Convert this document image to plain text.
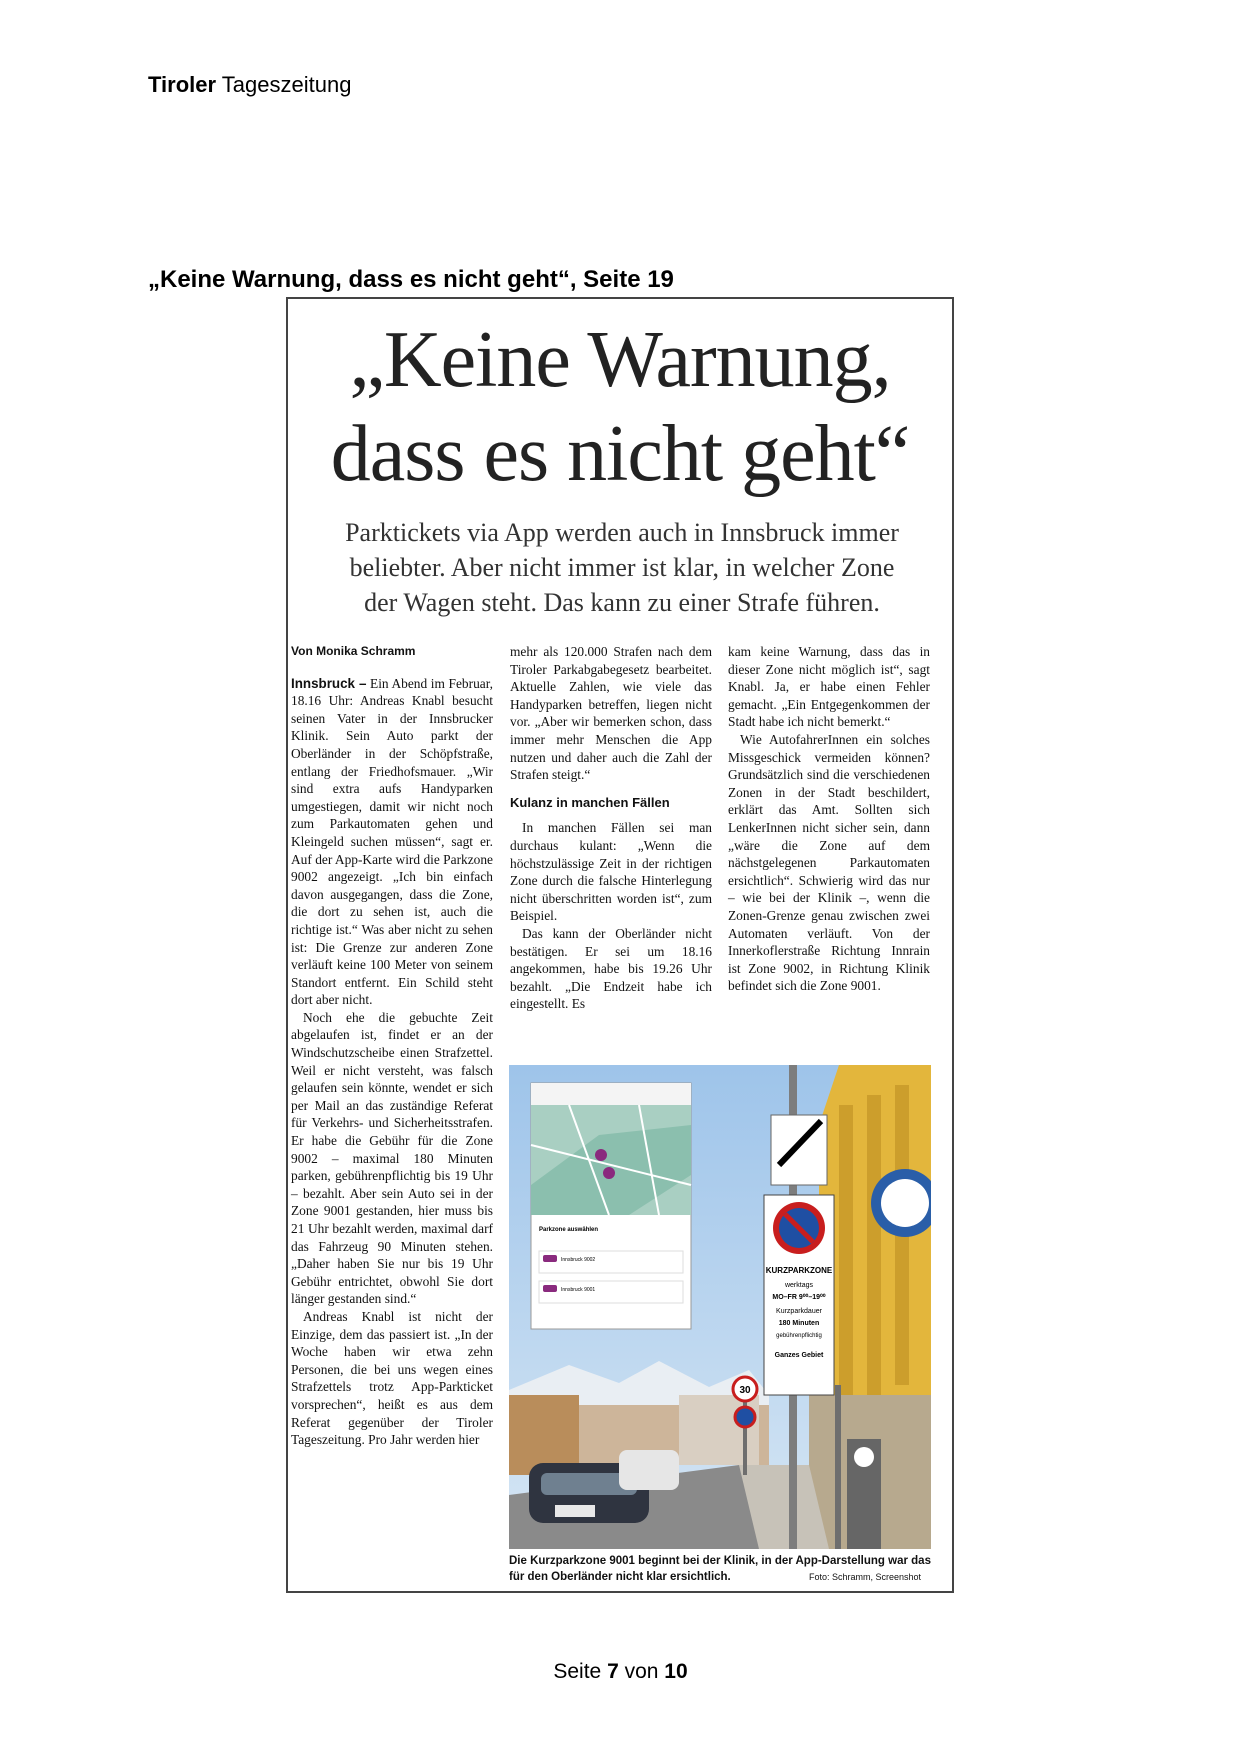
Tiroler Tageszeitung
„Keine Warnung, dass es nicht geht“, Seite 19
„Keine Warnung,
dass es nicht geht“
Parktickets via App werden auch in Innsbruck immer
beliebter. Aber nicht immer ist klar, in welcher Zone
der Wagen steht. Das kann zu einer Strafe führen.

Von Monika Schramm

Innsbruck – Ein Abend im Februar, 18.16 Uhr: Andreas Knabl besucht seinen Vater in der Innsbrucker Klinik. Sein Auto parkt der Oberländer in der Schöpfstraße, entlang der Friedhofsmauer. „Wir sind extra aufs Handyparken umgestiegen, damit wir nicht noch zum Parkautomaten gehen und Kleingeld suchen müssen“, sagt er. Auf der App-Karte wird die Parkzone 9002 angezeigt. „Ich bin einfach davon ausgegangen, dass die Zone, die dort zu sehen ist, auch die richtige ist.“ Was aber nicht zu sehen ist: Die Grenze zur anderen Zone verläuft keine 100 Meter von seinem Standort entfernt. Ein Schild steht dort aber nicht.

Noch ehe die gebuchte Zeit abgelaufen ist, findet er an der Windschutzscheibe einen Strafzettel. Weil er nicht versteht, was falsch gelaufen sein könnte, wendet er sich per Mail an das zuständige Referat für Verkehrs- und Sicherheitsstrafen. Er habe die Gebühr für die Zone 9002 – maximal 180 Minuten parken, gebührenpflichtig bis 19 Uhr – bezahlt. Aber sein Auto sei in der Zone 9001 gestanden, hier muss bis 21 Uhr bezahlt werden, maximal darf das Fahrzeug 90 Minuten stehen. „Daher haben Sie nur bis 19 Uhr Gebühr entrichtet, obwohl Sie dort länger gestanden sind.“

Andreas Knabl ist nicht der Einzige, dem das passiert ist. „In der Woche haben wir etwa zehn Personen, die bei uns wegen eines Strafzettels trotz App-Parkticket vorsprechen“, heißt es aus dem Referat gegenüber der Tiroler Tageszeitung. Pro Jahr werden hier

mehr als 120.000 Strafen nach dem Tiroler Parkabgabegesetz bearbeitet. Aktuelle Zahlen, wie viele das Handyparken betreffen, liegen nicht vor. „Aber wir bemerken schon, dass immer mehr Menschen die App nutzen und daher auch die Zahl der Strafen steigt.“

Kulanz in manchen Fällen

In manchen Fällen sei man durchaus kulant: „Wenn die höchstzulässige Zeit in der richtigen Zone durch die falsche Hinterlegung nicht überschritten worden ist“, zum Beispiel.

Das kann der Oberländer nicht bestätigen. Er sei um 18.16 angekommen, habe bis 19.26 Uhr bezahlt. „Die Endzeit habe ich eingestellt. Es

kam keine Warnung, dass das in dieser Zone nicht möglich ist“, sagt Knabl. Ja, er habe einen Fehler gemacht. „Ein Entgegenkommen der Stadt habe ich nicht bemerkt.“

Wie AutofahrerInnen ein solches Missgeschick vermeiden können? Grundsätzlich sind die verschiedenen Zonen in der Stadt beschildert, erklärt das Amt. Sollten sich LenkerInnen nicht sicher sein, dann „wäre die Zone auf dem nächstgelegenen Parkautomaten ersichtlich“. Schwierig wird das nur – wie bei der Klinik –, wenn die Zonen-Grenze genau zwischen zwei Automaten verläuft. Von der Innerkoflerstraße Richtung Innrain ist Zone 9002, in Richtung Klinik befindet sich die Zone 9001.

KURZPARKZONE
werktags
MO–FR 9⁰⁰–19⁰⁰
Kurzparkdauer
180 Minuten
gebührenpflichtig
Ganzes Gebiet
30
Parkzone auswählen
Innsbruck 9002
Innsbruck 9001
Die Kurzparkzone 9001 beginnt bei der Klinik, in der App-Darstellung war das für den Oberländer nicht klar ersichtlich.	Foto: Schramm, Screenshot
Seite 7 von 10
